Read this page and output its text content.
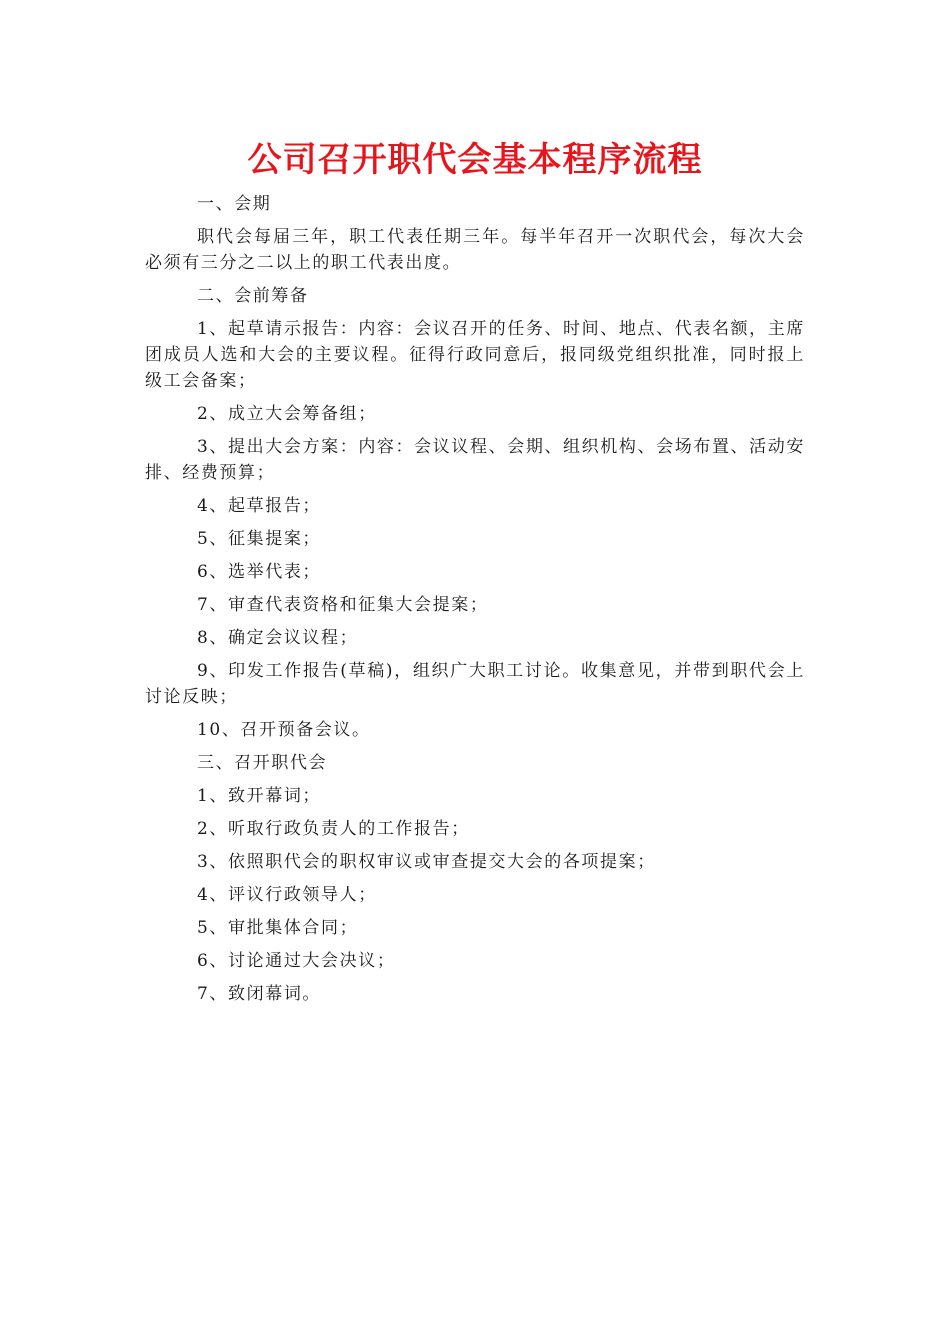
公司召开职代会基本程序流程

一、会期

职代会每届三年，职工代表任期三年。每半年召开一次职代会，每次大会必须有三分之二以上的职工代表出度。

二、会前筹备

1、起草请示报告：内容：会议召开的任务、时间、地点、代表名额，主席团成员人选和大会的主要议程。征得行政同意后，报同级党组织批准，同时报上级工会备案；

2、成立大会筹备组；

3、提出大会方案：内容：会议议程、会期、组织机构、会场布置、活动安排、经费预算；

4、起草报告；

5、征集提案；

6、选举代表；

7、审查代表资格和征集大会提案；

8、确定会议议程；

9、印发工作报告(草稿)，组织广大职工讨论。收集意见，并带到职代会上讨论反映；

10、召开预备会议。

三、召开职代会

1、致开幕词；

2、听取行政负责人的工作报告；

3、依照职代会的职权审议或审查提交大会的各项提案；

4、评议行政领导人；

5、审批集体合同；

6、讨论通过大会决议；

7、致闭幕词。
